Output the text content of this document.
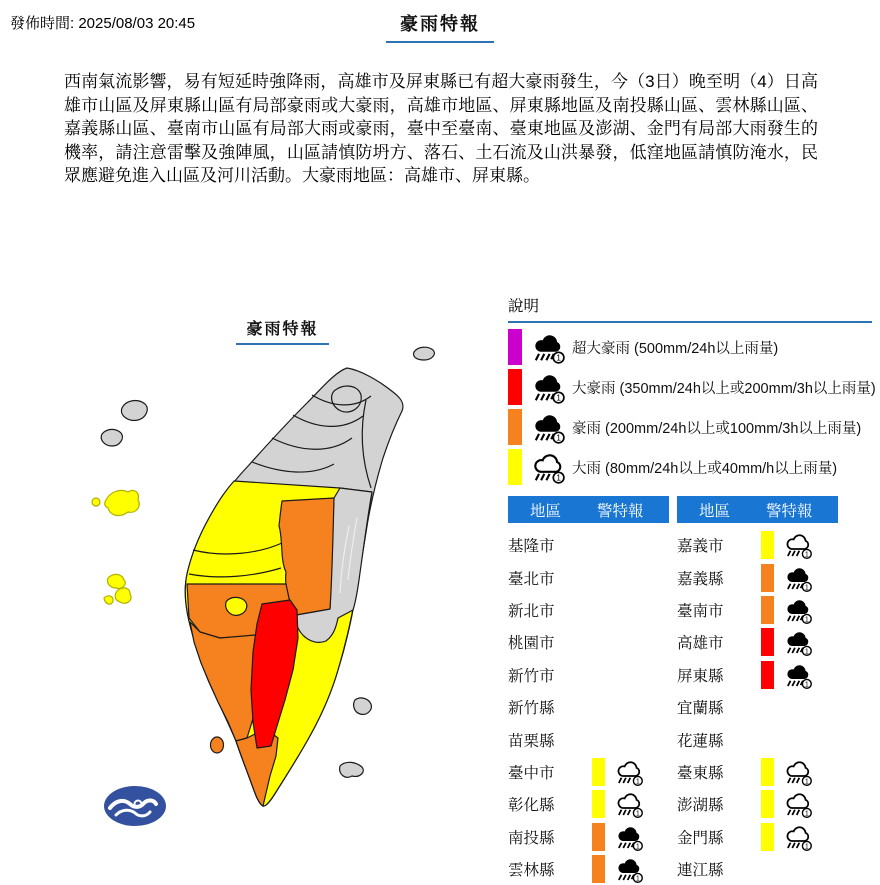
發佈時間: 2025/08/03 20:45	豪雨特報
西南氣流影響，易有短延時強降雨，高雄市及屏東縣已有超大豪雨發生，今（3日）晚至明（4）日高雄市山區及屏東縣山區有局部豪雨或大豪雨，高雄市地區、屏東縣地區及南投縣山區、雲林縣山區、嘉義縣山區、臺南市山區有局部大雨或豪雨，臺中至臺南、臺東地區及澎湖、金門有局部大雨發生的機率，請注意雷擊及強陣風，山區請慎防坍方、落石、土石流及山洪暴發，低窪地區請慎防淹水，民眾應避免進入山區及河川活動。大豪雨地區：高雄市、屏東縣。
豪雨特報
說明
1
超大豪雨 (500mm/24h以上雨量)
1
大豪雨 (350mm/24h以上或200mm/3h以上雨量)
1
豪雨 (200mm/24h以上或100mm/3h以上雨量)
1
大雨 (80mm/24h以上或40mm/h以上雨量)
地區 警特報
基隆市
臺北市
新北市
桃園市
新竹市
新竹縣
苗栗縣
臺中市	1
彰化縣	1
南投縣	1
雲林縣	1
地區 警特報
嘉義市	1
嘉義縣	1
臺南市	1
高雄市	1
屏東縣	1
宜蘭縣
花蓮縣
臺東縣	1
澎湖縣	1
金門縣	1
連江縣
